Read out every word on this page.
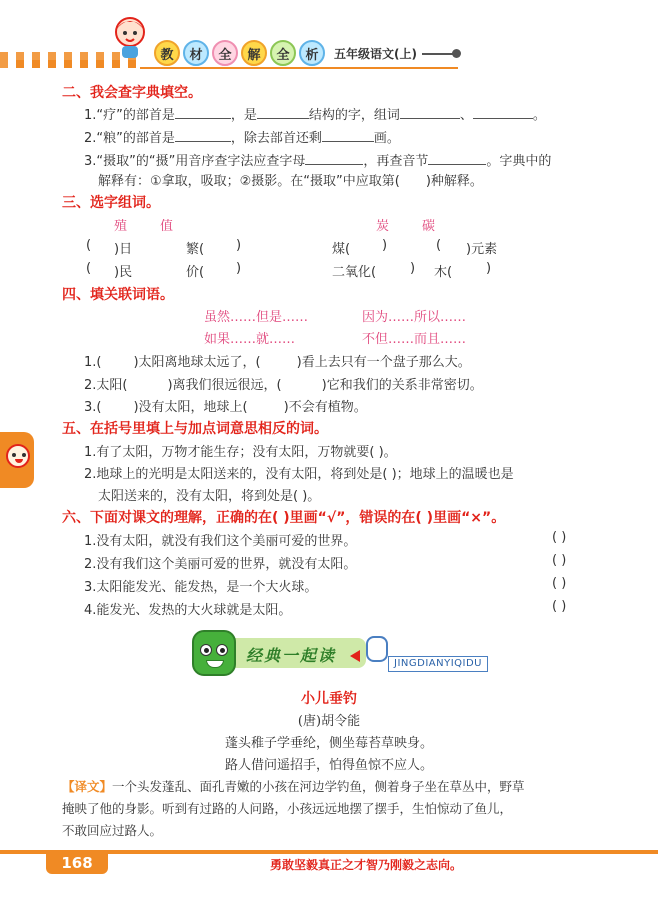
教	材	全	解	全	析	五年级语文(上)
二、我会查字典填空。
1.“疗”的部首是	，是	结构的字，组词	、	。
2.“粮”的部首是	，除去部首还剩	画。
3.“摄取”的“摄”用音序查字法应查字母	，再查音节	。字典中的
解释有：①拿取，吸取；②摄影。在“摄取”中应取第( )种解释。
三、选字组词。
殖	值	炭	碳
( )日	繁( )	煤( )	( )元素
( )民	价( )	二氧化(	) 木(	)
四、填关联词语。
虽然……但是……	因为……所以……
如果……就……	不但……而且……
1.( )太阳离地球太远了，(	)看上去只有一个盘子那么大。
2.太阳(	)离我们很远很远，(	)它和我们的关系非常密切。
3.( )没有太阳，地球上(	)不会有植物。
五、在括号里填上与加点词意思相反的词。
1.有了太阳，万物才能生存；没有太阳，万物就要( )。
2.地球上的光明是太阳送来的，没有太阳，将到处是( )；地球上的温暖也是
太阳送来的，没有太阳，将到处是( )。
六、下面对课文的理解，正确的在( )里画“√”，错误的在( )里画“×”。
1.没有太阳，就没有我们这个美丽可爱的世界。
2.没有我们这个美丽可爱的世界，就没有太阳。
3.太阳能发光、能发热，是一个大火球。
4.能发光、发热的大火球就是太阳。
( )
( )
( )
( )
经典一起读	JINGDIANYIQIDU
小儿垂钓
(唐)胡令能
蓬头稚子学垂纶，侧坐莓苔草映身。
路人借问遥招手，怕得鱼惊不应人。
【译文】一个头发蓬乱、面孔青嫩的小孩在河边学钓鱼，侧着身子坐在草丛中，野草
掩映了他的身影。听到有过路的人问路，小孩远远地摆了摆手，生怕惊动了鱼儿，
不敢回应过路人。
168	勇敢坚毅真正之才智乃刚毅之志向。
